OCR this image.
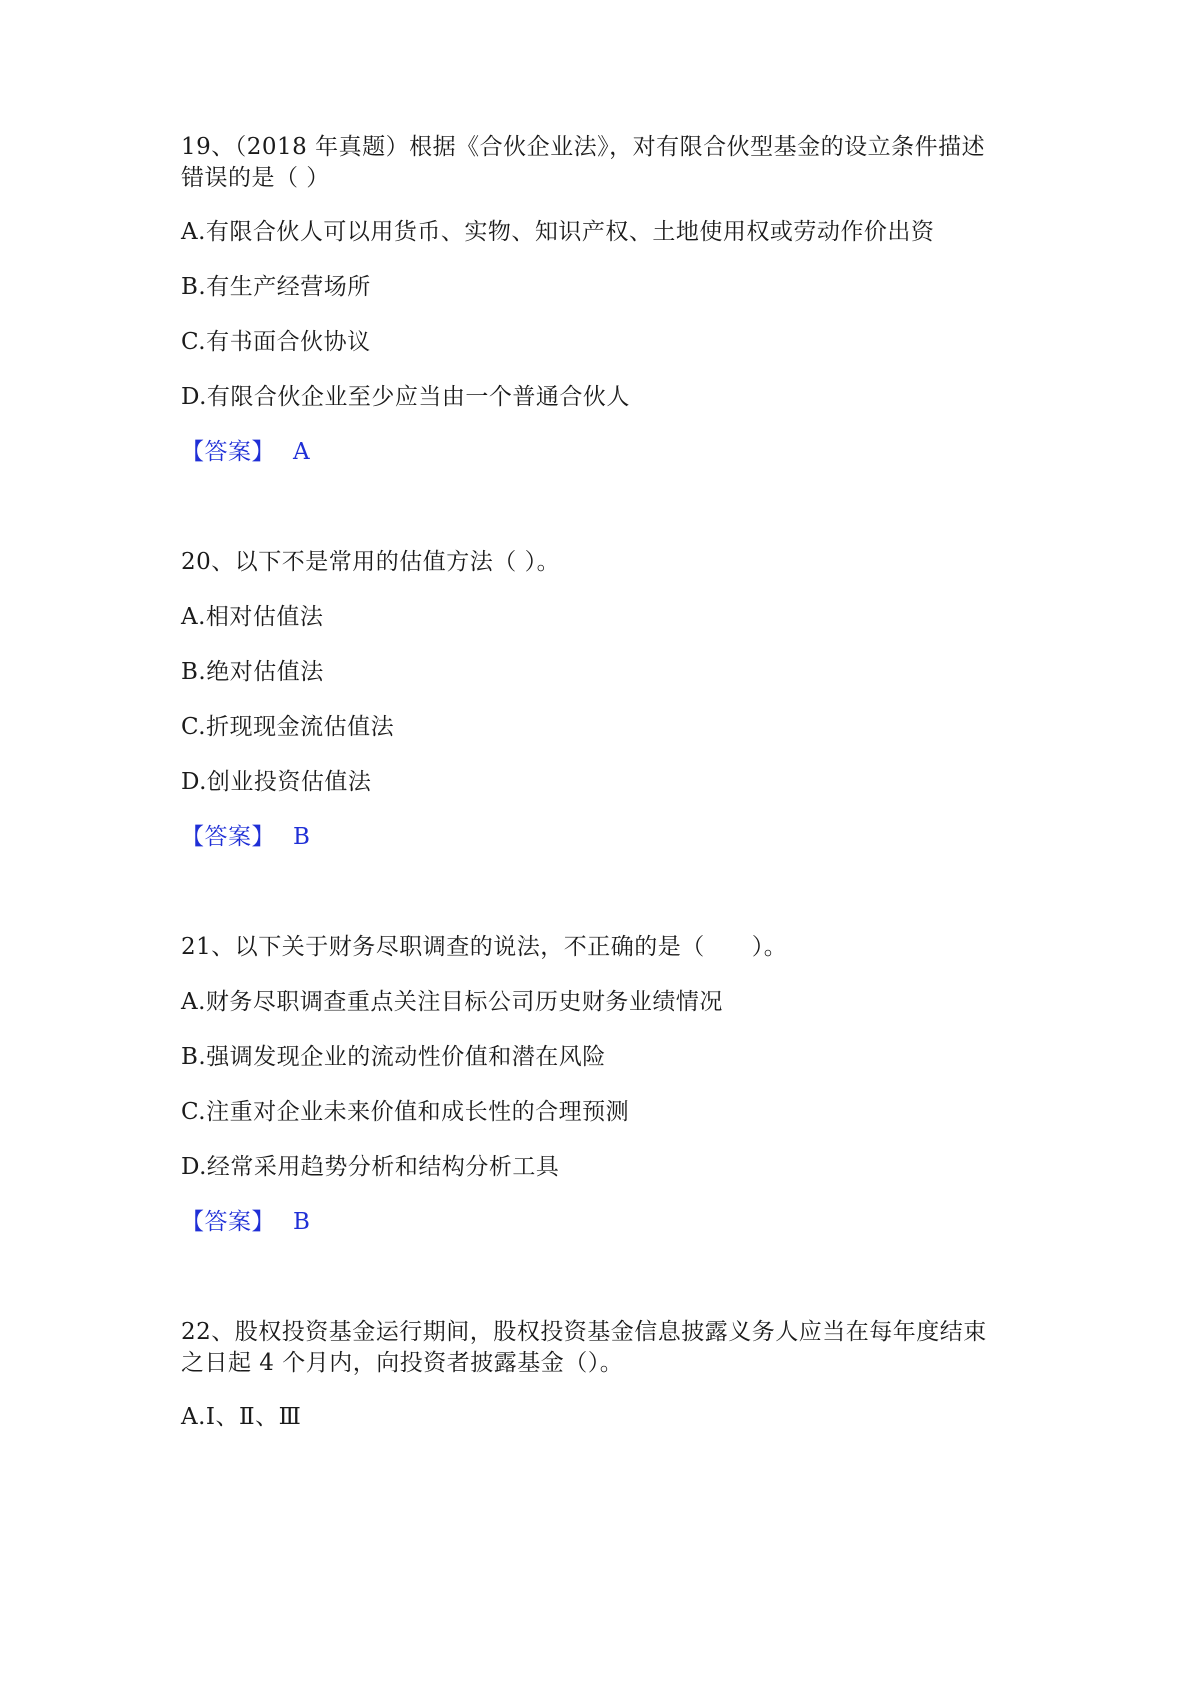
19、（2018 年真题）根据《合伙企业法》，对有限合伙型基金的设立条件描述
错误的是（ ）
A.有限合伙人可以用货币、实物、知识产权、土地使用权或劳动作价出资
B.有生产经营场所
C.有书面合伙协议
D.有限合伙企业至少应当由一个普通合伙人
【答案】 A
20、以下不是常用的估值方法（ ）。
A.相对估值法
B.绝对估值法
C.折现现金流估值法
D.创业投资估值法
【答案】 B
21、以下关于财务尽职调查的说法，不正确的是（　　）。
A.财务尽职调查重点关注目标公司历史财务业绩情况
B.强调发现企业的流动性价值和潜在风险
C.注重对企业未来价值和成长性的合理预测
D.经常采用趋势分析和结构分析工具
【答案】 B
22、股权投资基金运行期间，股权投资基金信息披露义务人应当在每年度结束
之日起 4 个月内，向投资者披露基金（）。
A.Ⅰ、Ⅱ、Ⅲ
